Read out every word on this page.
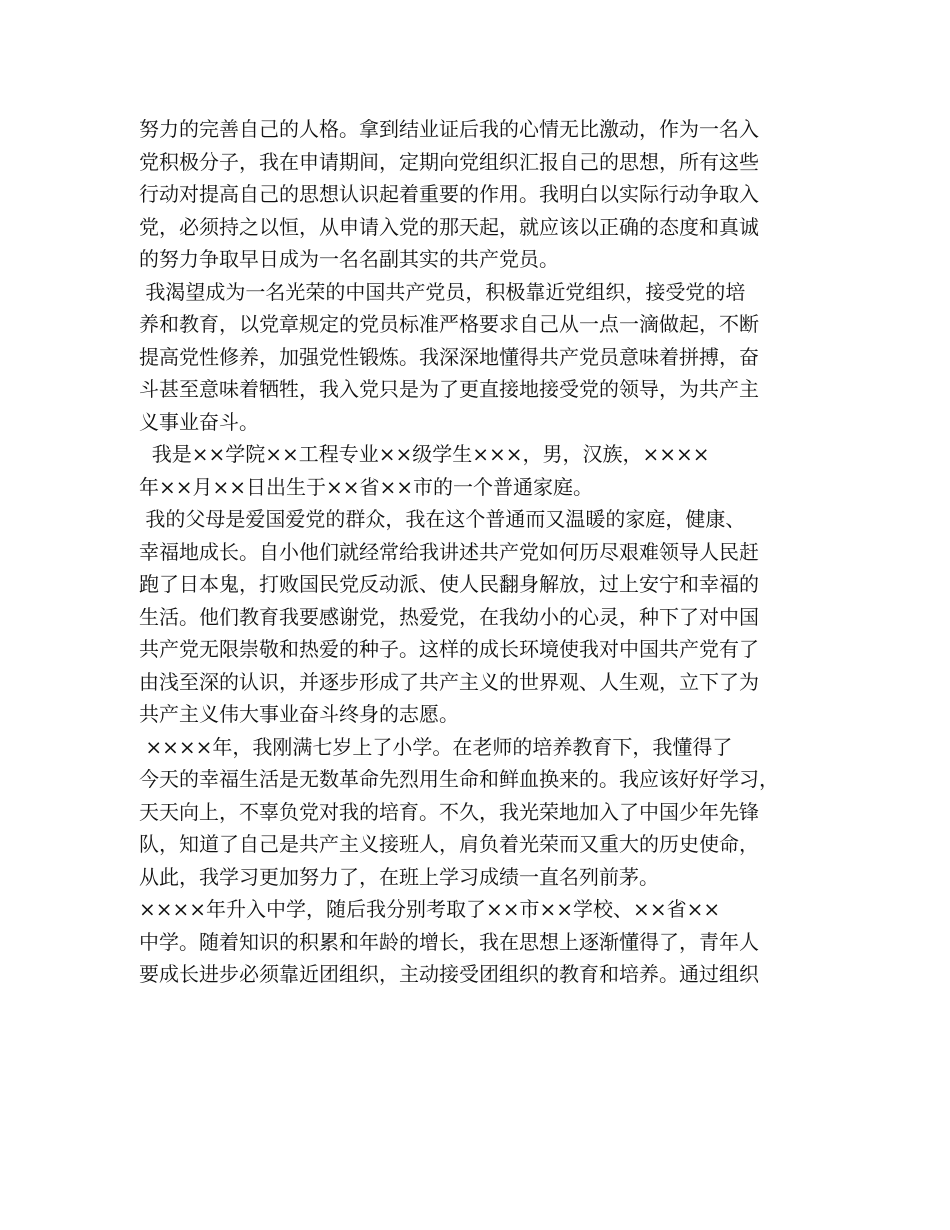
努力的完善自己的人格。拿到结业证后我的心情无比激动，作为一名入
党积极分子，我在申请期间，定期向党组织汇报自己的思想，所有这些
行动对提高自己的思想认识起着重要的作用。我明白以实际行动争取入
党，必须持之以恒，从申请入党的那天起，就应该以正确的态度和真诚
的努力争取早日成为一名名副其实的共产党员。
我渴望成为一名光荣的中国共产党员，积极靠近党组织，接受党的培
养和教育，以党章规定的党员标准严格要求自己从一点一滴做起，不断
提高党性修养，加强党性锻炼。我深深地懂得共产党员意味着拼搏，奋
斗甚至意味着牺牲，我入党只是为了更直接地接受党的领导，为共产主
义事业奋斗。
我是××学院××工程专业××级学生×××，男，汉族，××××
年××月××日出生于××省××市的一个普通家庭。
我的父母是爱国爱党的群众，我在这个普通而又温暖的家庭，健康、
幸福地成长。自小他们就经常给我讲述共产党如何历尽艰难领导人民赶
跑了日本鬼，打败国民党反动派、使人民翻身解放，过上安宁和幸福的
生活。他们教育我要感谢党，热爱党，在我幼小的心灵，种下了对中国
共产党无限崇敬和热爱的种子。这样的成长环境使我对中国共产党有了
由浅至深的认识，并逐步形成了共产主义的世界观、人生观，立下了为
共产主义伟大事业奋斗终身的志愿。
××××年，我刚满七岁上了小学。在老师的培养教育下，我懂得了
今天的幸福生活是无数革命先烈用生命和鲜血换来的。我应该好好学习，
天天向上，不辜负党对我的培育。不久，我光荣地加入了中国少年先锋
队，知道了自己是共产主义接班人，肩负着光荣而又重大的历史使命，
从此，我学习更加努力了，在班上学习成绩一直名列前茅。
××××年升入中学，随后我分别考取了××市××学校、××省××
中学。随着知识的积累和年龄的增长，我在思想上逐渐懂得了，青年人
要成长进步必须靠近团组织，主动接受团组织的教育和培养。通过组织
